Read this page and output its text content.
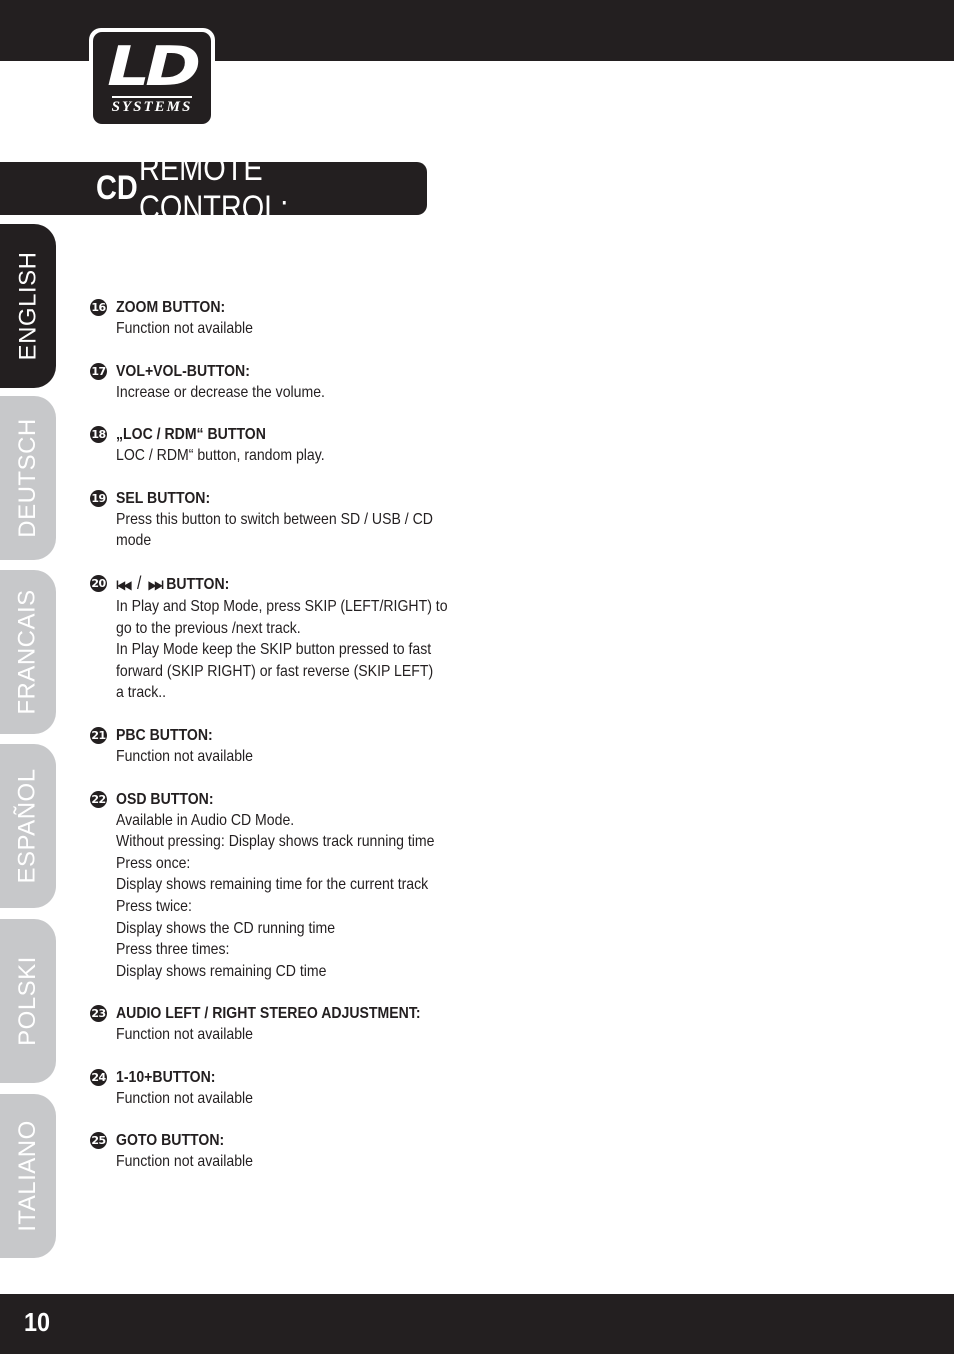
LD
SYSTEMS
CD
REMOTE CONTROL:
ENGLISH
DEUTSCH
FRANCAIS
ESPAÑOL
POLSKI
ITALIANO
16 ZOOM BUTTON:
Function not available
17 VOL+VOL-BUTTON:
Increase or decrease the volume.
18 „LOC / RDM“ BUTTON
LOC / RDM“ button, random play.
19 SEL BUTTON:
Press this button to switch between SD / USB / CD
mode
20 I◀◀ / ▶▶I BUTTON:
In Play and Stop Mode, press SKIP (LEFT/RIGHT) to
go to the previous /next track.
In Play Mode keep the SKIP button pressed to fast
forward (SKIP RIGHT) or fast reverse (SKIP LEFT)
a track..
21 PBC BUTTON:
Function not available
22 OSD BUTTON:
Available in Audio CD Mode.
Without pressing: Display shows track running time
Press once:
Display shows remaining time for the current track
Press twice:
Display shows the CD running time
Press three times:
Display shows remaining CD time
23 AUDIO LEFT / RIGHT STEREO ADJUSTMENT:
Function not available
24 1-10+BUTTON:
Function not available
25 GOTO BUTTON:
Function not available
10
